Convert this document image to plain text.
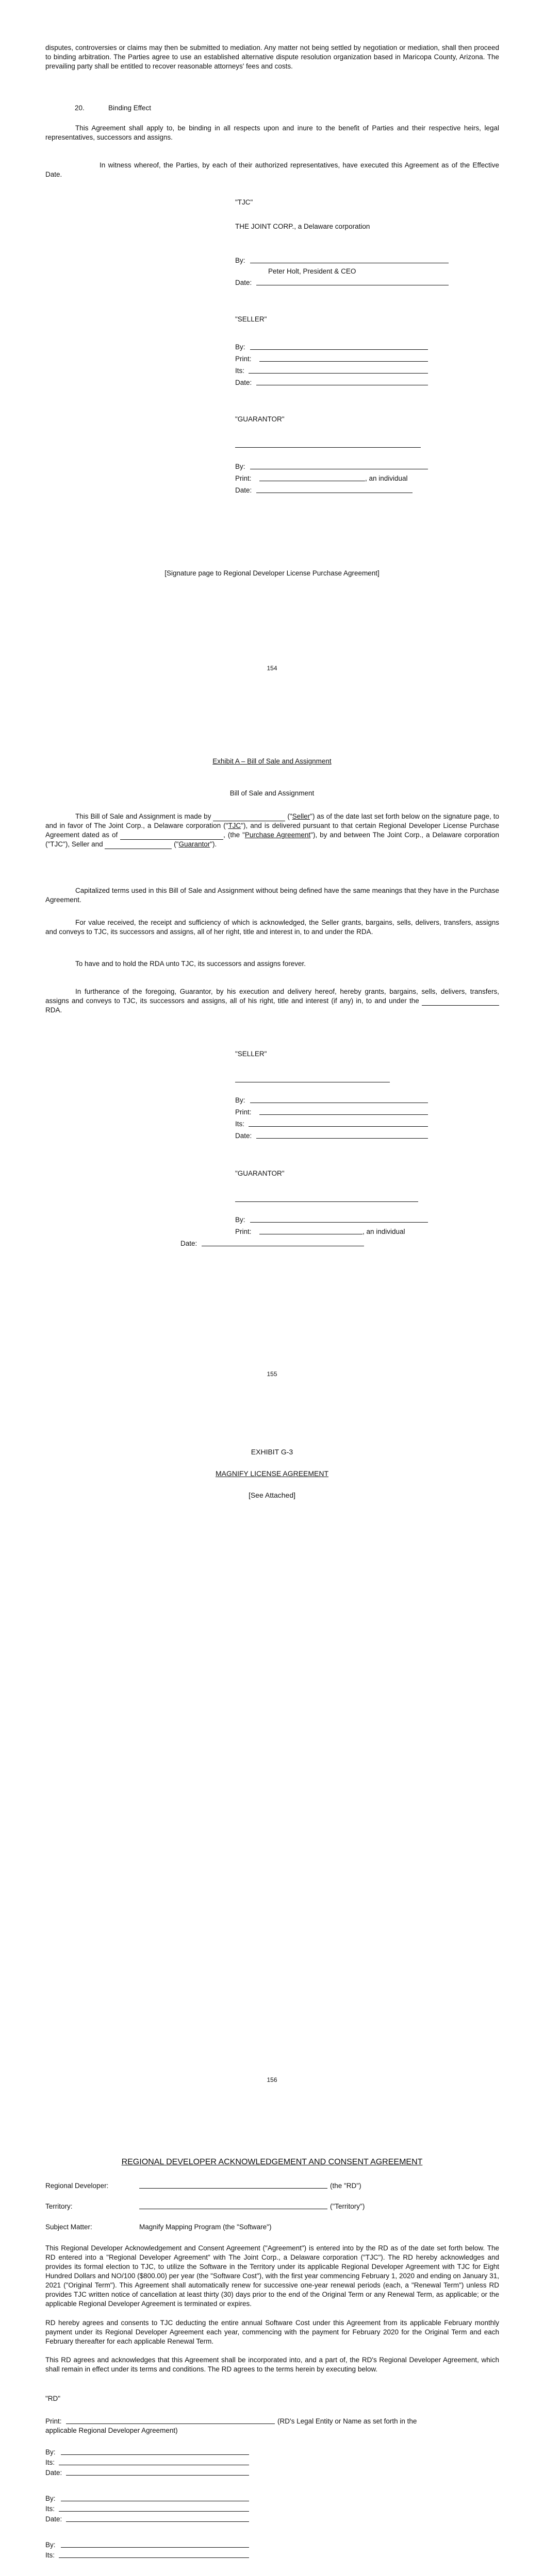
disputes, controversies or claims may then be submitted to mediation. Any matter not being settled by negotiation or mediation, shall then proceed to binding arbitration. The Parties agree to use an established alternative dispute resolution organization based in Maricopa County, Arizona. The prevailing party shall be entitled to recover reasonable attorneys' fees and costs.
20.	Binding Effect
This Agreement shall apply to, be binding in all respects upon and inure to the benefit of Parties and their respective heirs, legal representatives, successors and assigns.
In witness whereof, the Parties, by each of their authorized representatives, have executed this Agreement as of the Effective Date.
"TJC"
THE JOINT CORP., a Delaware corporation
By:
Peter Holt, President & CEO
Date:
"SELLER"
By:
Print:
Its:
Date:
"GUARANTOR"
By:
Print:	, an individual
Date:
[Signature page to Regional Developer License Purchase Agreement]
154
Exhibit A – Bill of Sale and Assignment
Bill of Sale and Assignment
This Bill of Sale and Assignment is made by	("Seller") as of the date last set forth below on the signature page, to and in favor of The Joint Corp., a Delaware corporation ("TJC"), and is delivered pursuant to that certain Regional Developer License Purchase Agreement dated as of	, (the "Purchase Agreement"), by and between The Joint Corp., a Delaware corporation ("TJC"), Seller and	("Guarantor").
Capitalized terms used in this Bill of Sale and Assignment without being defined have the same meanings that they have in the Purchase Agreement.
For value received, the receipt and sufficiency of which is acknowledged, the Seller grants, bargains, sells, delivers, transfers, assigns and conveys to TJC, its successors and assigns, all of her right, title and interest in, to and under the RDA.
To have and to hold the RDA unto TJC, its successors and assigns forever.
In furtherance of the foregoing, Guarantor, by his execution and delivery hereof, hereby grants, bargains, sells, delivers, transfers, assigns and conveys to TJC, its successors and assigns, all of his right, title and interest (if any) in, to and under the  RDA.
"SELLER"
By:
Print:
Its:
Date:
"GUARANTOR"
By:
Print:	, an individual
Date:
155
EXHIBIT G-3
MAGNIFY LICENSE AGREEMENT
[See Attached]
156
REGIONAL DEVELOPER ACKNOWLEDGEMENT AND CONSENT AGREEMENT
Regional Developer:	(the "RD")
Territory:	("Territory")
Subject Matter:	Magnify Mapping Program (the "Software")
This Regional Developer Acknowledgement and Consent Agreement ("Agreement") is entered into by the RD as of the date set forth below. The RD entered into a "Regional Developer Agreement" with The Joint Corp., a Delaware corporation ("TJC"). The RD hereby acknowledges and provides its formal election to TJC, to utilize the Software in the Territory under its applicable Regional Developer Agreement with TJC for Eight Hundred Dollars and NO/100 ($800.00) per year (the "Software Cost"), with the first year commencing February 1, 2020 and ending on January 31, 2021 ("Original Term"). This Agreement shall automatically renew for successive one-year renewal periods (each, a "Renewal Term") unless RD provides TJC written notice of cancellation at least thirty (30) days prior to the end of the Original Term or any Renewal Term, as applicable; or the applicable Regional Developer Agreement is terminated or expires.
RD hereby agrees and consents to TJC deducting the entire annual Software Cost under this Agreement from its applicable February monthly payment under its Regional Developer Agreement each year, commencing with the payment for February 2020 for the Original Term and each February thereafter for each applicable Renewal Term.
This RD agrees and acknowledges that this Agreement shall be incorporated into, and a part of, the RD's Regional Developer Agreement, which shall remain in effect under its terms and conditions. The RD agrees to the terms herein by executing below.
"RD"
Print:	(RD's Legal Entity or Name as set forth in the
applicable Regional Developer Agreement)
By:
Its:
Date:
By:
Its:
Date:
By:
Its:
